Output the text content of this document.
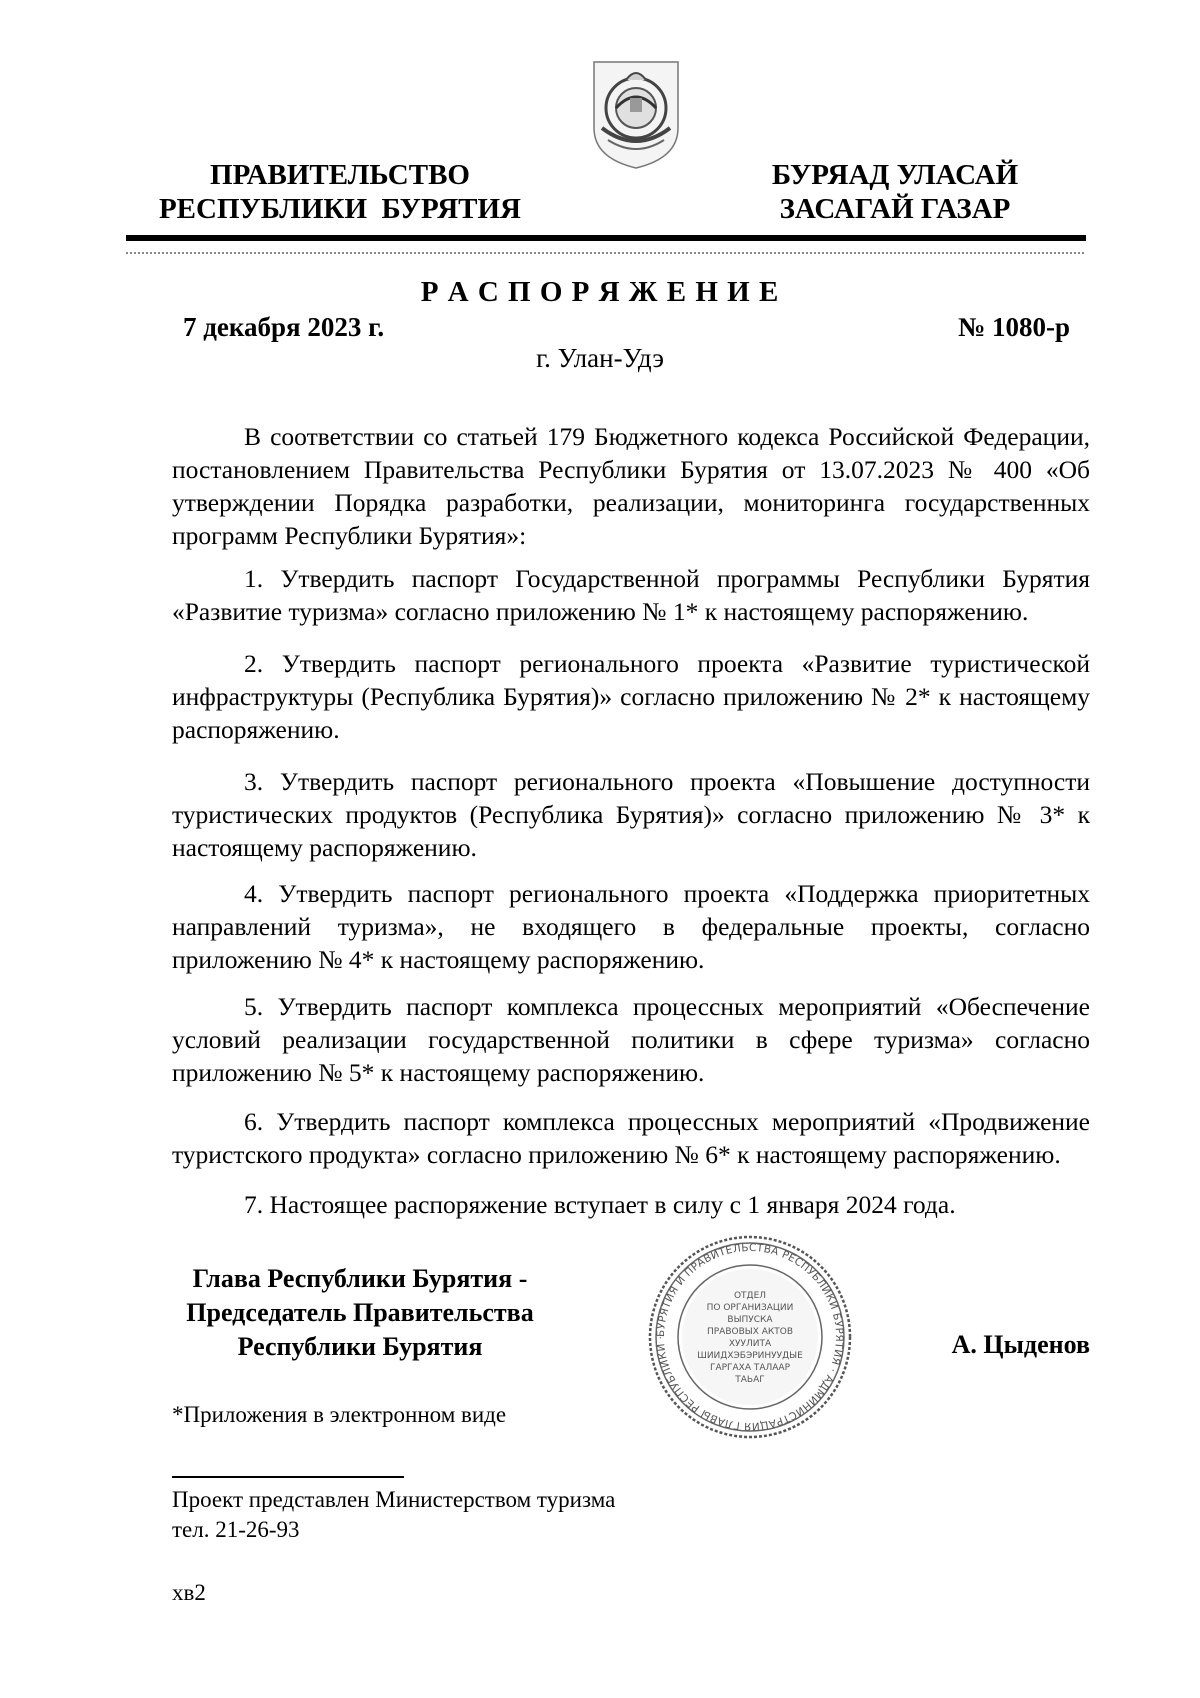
ПРАВИТЕЛЬСТВО
РЕСПУБЛИКИ  БУРЯТИЯ
БУРЯАД УЛАСАЙ
ЗАСАГАЙ ГАЗАР
Р А С П О Р Я Ж Е Н И Е
7 декабря 2023 г.	№ 1080-р
г. Улан-Удэ

В соответствии со статьей 179 Бюджетного кодекса Российской Федерации, постановлением Правительства Республики Бурятия от 13.07.2023 № 400 «Об утверждении Порядка разработки, реализации, мониторинга государственных программ Республики Бурятия»:

1. Утвердить паспорт Государственной программы Республики Бурятия «Развитие туризма» согласно приложению № 1* к настоящему распоряжению.

2. Утвердить паспорт регионального проекта «Развитие туристической инфраструктуры (Республика Бурятия)» согласно приложению № 2* к настоящему распоряжению.

3. Утвердить паспорт регионального проекта «Повышение доступности туристических продуктов (Республика Бурятия)» согласно приложению № 3* к настоящему распоряжению.

4. Утвердить паспорт регионального проекта «Поддержка приоритетных направлений туризма», не входящего в федеральные проекты, согласно приложению № 4* к настоящему распоряжению.

5. Утвердить паспорт комплекса процессных мероприятий «Обеспечение условий реализации государственной политики в сфере туризма» согласно приложению № 5* к настоящему распоряжению.

6. Утвердить паспорт комплекса процессных мероприятий «Продвижение туристского продукта» согласно приложению № 6* к настоящему распоряжению.

7. Настоящее распоряжение вступает в силу с 1 января 2024 года.

Глава Республики Бурятия -
Председатель Правительства
Республики Бурятия	БУРЯТИЯ И ПРАВИТЕЛЬСТВА РЕСПУБЛИКИ БУРЯТИЯ · АДМИНИСТРАЦИЯ ГЛАВЫ РЕСПУБЛИКИ ·
ОТДЕЛ
ПО ОРГАНИЗАЦИИ
ВЫПУСКА
ПРАВОВЫХ АКТОВ
ХУУЛИТА
ШИИДХЭБЭРИНУУДЫЕ
ГАРГАХА ТАЛААР
ТАЬАГ
А. Цыденов
*Приложения в электронном виде
Проект представлен Министерством туризма
тел. 21-26-93
хв2
